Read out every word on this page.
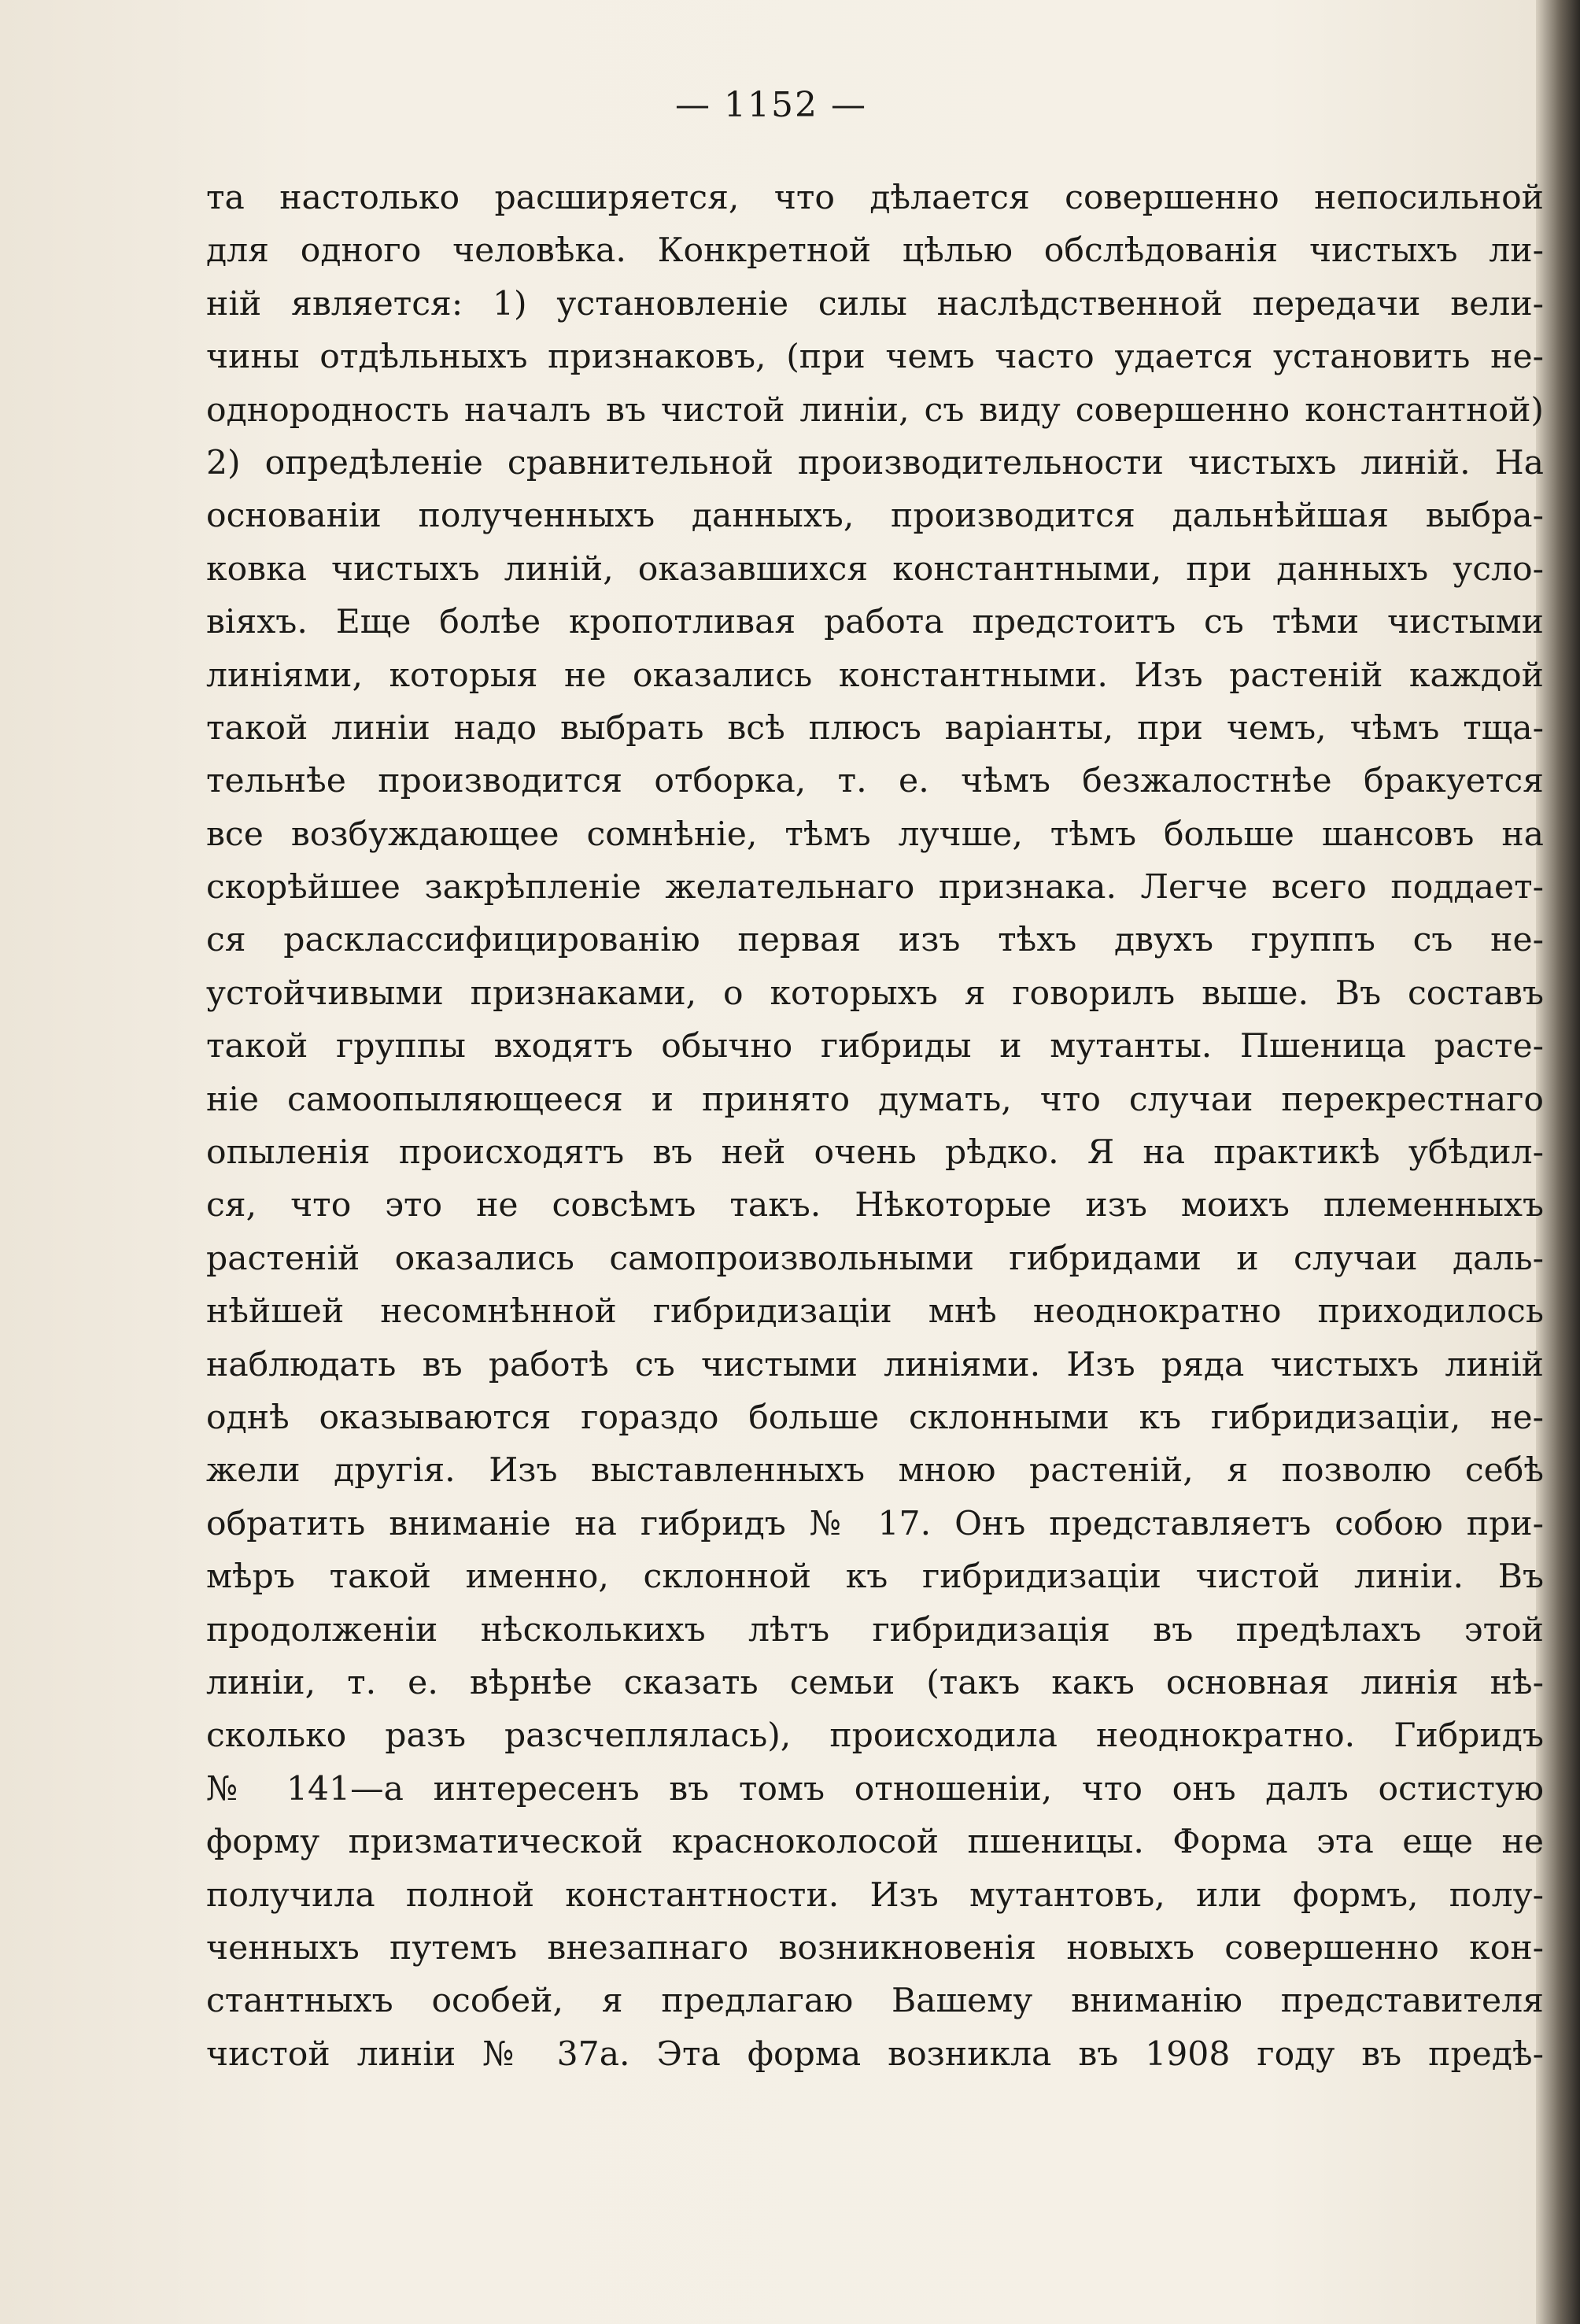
— 1152 —
та настолько расширяется, что дѣлается совершенно непосильной
для одного человѣка. Конкретной цѣлью обслѣдованія чистыхъ ли-
ній является: 1) установленіе силы наслѣдственной передачи вели-
чины отдѣльныхъ признаковъ, (при чемъ часто удается установить не-
однородность началъ въ чистой линіи, съ виду совершенно константной)
2) опредѣленіе сравнительной производительности чистыхъ линій. На
основаніи полученныхъ данныхъ, производится дальнѣйшая выбра-
ковка чистыхъ линій, оказавшихся константными, при данныхъ усло-
віяхъ. Еще болѣе кропотливая работа предстоитъ съ тѣми чистыми
линіями, которыя не оказались константными. Изъ растеній каждой
такой линіи надо выбрать всѣ плюсъ варіанты, при чемъ, чѣмъ тща-
тельнѣе производится отборка, т. е. чѣмъ безжалостнѣе бракуется
все возбуждающее сомнѣніе, тѣмъ лучше, тѣмъ больше шансовъ на
скорѣйшее закрѣпленіе желательнаго признака. Легче всего поддает-
ся расклассифицированію первая изъ тѣхъ двухъ группъ съ не-
устойчивыми признаками, о которыхъ я говорилъ выше. Въ составъ
такой группы входятъ обычно гибриды и мутанты. Пшеница расте-
ніе самоопыляющееся и принято думать, что случаи перекрестнаго
опыленія происходятъ въ ней очень рѣдко. Я на практикѣ убѣдил-
ся, что это не совсѣмъ такъ. Нѣкоторые изъ моихъ племенныхъ
растеній оказались самопроизвольными гибридами и случаи даль-
нѣйшей несомнѣнной гибридизаціи мнѣ неоднократно приходилось
наблюдать въ работѣ съ чистыми линіями. Изъ ряда чистыхъ линій
однѣ оказываются гораздо больше склонными къ гибридизаціи, не-
жели другія. Изъ выставленныхъ мною растеній, я позволю себѣ
обратить вниманіе на гибридъ № 17. Онъ представляетъ собою при-
мѣръ такой именно, склонной къ гибридизаціи чистой линіи. Въ
продолженіи нѣсколькихъ лѣтъ гибридизація въ предѣлахъ этой
линіи, т. е. вѣрнѣе сказать семьи (такъ какъ основная линія нѣ-
сколько разъ разсчеплялась), происходила неоднократно. Гибридъ
№ 141—а интересенъ въ томъ отношеніи, что онъ далъ остистую
форму призматической красноколосой пшеницы. Форма эта еще не
получила полной константности. Изъ мутантовъ, или формъ, полу-
ченныхъ путемъ внезапнаго возникновенія новыхъ совершенно кон-
стантныхъ особей, я предлагаю Вашему вниманію представителя
чистой линіи № 37а. Эта форма возникла въ 1908 году въ предѣ-
